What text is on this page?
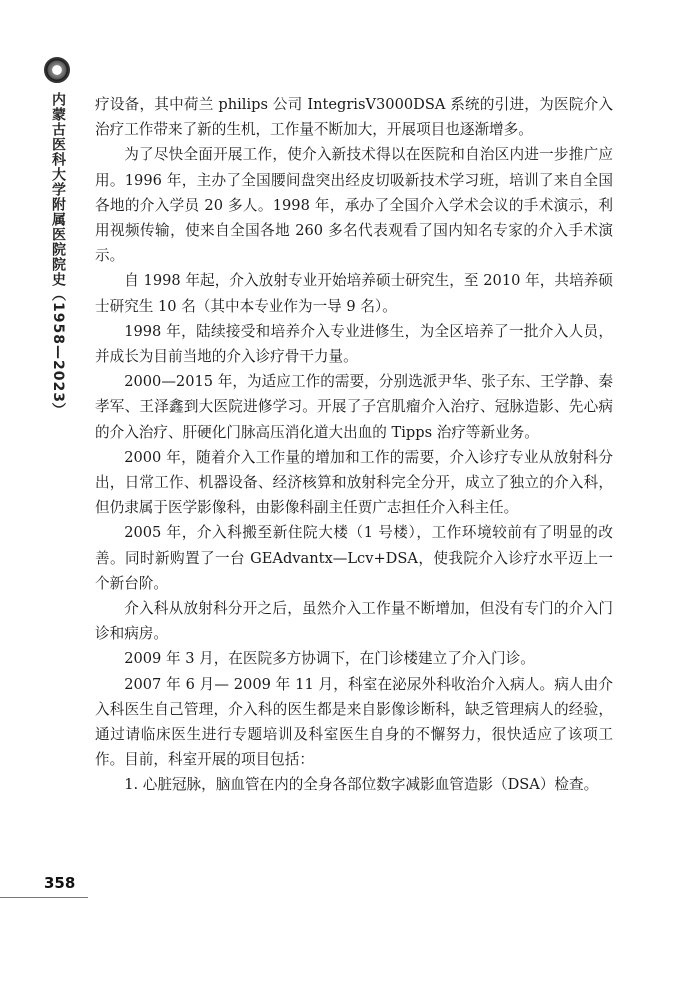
内蒙古医科大学附属医院院史（1958—2023） 疗设备，其中荷兰 philips 公司 IntegrisV3000DSA 系统的引进，为医院介入治疗工作带来了新的生机，工作量不断加大，开展项目也逐渐增多。

为了尽快全面开展工作，使介入新技术得以在医院和自治区内进一步推广应用。1996 年，主办了全国腰间盘突出经皮切吸新技术学习班，培训了来自全国各地的介入学员 20 多人。1998 年，承办了全国介入学术会议的手术演示，利用视频传输，使来自全国各地 260 多名代表观看了国内知名专家的介入手术演示。

自 1998 年起，介入放射专业开始培养硕士研究生，至 2010 年，共培养硕士研究生 10 名（其中本专业作为一导 9 名）。

1998 年，陆续接受和培养介入专业进修生，为全区培养了一批介入人员，并成长为目前当地的介入诊疗骨干力量。

2000—2015 年，为适应工作的需要，分别选派尹华、张子东、王学静、秦孝军、王泽鑫到大医院进修学习。开展了子宫肌瘤介入治疗、冠脉造影、先心病的介入治疗、肝硬化门脉高压消化道大出血的 Tipps 治疗等新业务。

2000 年，随着介入工作量的增加和工作的需要，介入诊疗专业从放射科分出，日常工作、机器设备、经济核算和放射科完全分开，成立了独立的介入科，但仍隶属于医学影像科，由影像科副主任贾广志担任介入科主任。

2005 年，介入科搬至新住院大楼（1 号楼），工作环境较前有了明显的改善。同时新购置了一台 GEAdvantx—Lcv+DSA，使我院介入诊疗水平迈上一个新台阶。

介入科从放射科分开之后，虽然介入工作量不断增加，但没有专门的介入门诊和病房。

2009 年 3 月，在医院多方协调下，在门诊楼建立了介入门诊。

2007 年 6 月— 2009 年 11 月，科室在泌尿外科收治介入病人。病人由介入科医生自己管理，介入科的医生都是来自影像诊断科，缺乏管理病人的经验，通过请临床医生进行专题培训及科室医生自身的不懈努力，很快适应了该项工作。目前，科室开展的项目包括：

1. 心脏冠脉，脑血管在内的全身各部位数字减影血管造影（DSA）检查。

358
